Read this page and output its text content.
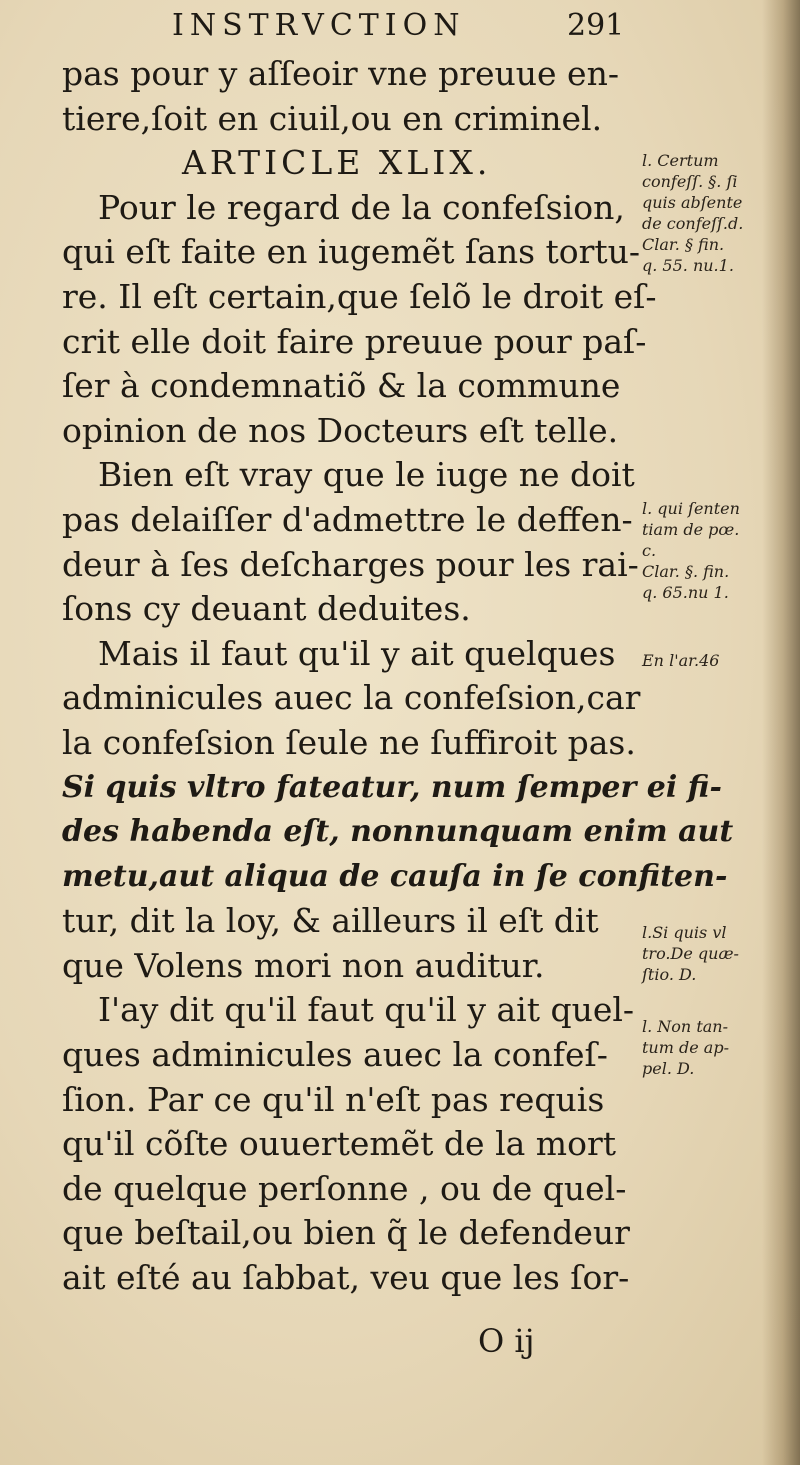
INSTRVCTION	291
pas pour y aſſeoir vne preuue en-
tiere,ſoit en ciuil,ou en criminel.
ARTICLE XLIX.
Pour le regard de la confeſsion,
qui eſt faite en iugemẽt ſans tortu-
re. Il eſt certain,que ſelõ le droit eſ-
crit elle doit faire preuue pour paſ-
ſer à condemnatiõ & la commune
opinion de nos Docteurs eſt telle.
Bien eſt vray que le iuge ne doit
pas delaiſſer d'admettre le deffen-
deur à ſes deſcharges pour les rai-
ſons cy deuant deduites.
Mais il faut qu'il y ait quelques
adminicules auec la confeſsion,car
la confeſsion ſeule ne ſuffiroit pas.
Si quis vltro fateatur, num ſemper ei fi-
des habenda eſt, nonnunquam enim aut
metu,aut aliqua de cauſa in ſe confiten-
tur, dit la loy, & ailleurs il eſt dit
que Volens mori non auditur.
I'ay dit qu'il faut qu'il y ait quel-
ques adminicules auec la confeſ-
ſion. Par ce qu'il n'eſt pas requis
qu'il cõſte ouuertemẽt de la mort
de quelque perſonne , ou de quel-
que beſtail,ou bien q̃ le defendeur
ait eſté au ſabbat, veu que les ſor-
l. Certum
confeſſ. §. ſi
quis abſente
de confeſſ.d.
Clar. § fin.
q. 55. nu.1.
l. qui ſenten
tiam de pœ.
c.
Clar. §. fin.
q. 65.nu 1.
En l'ar.46
l.Si quis vl
tro.De quæ-
ſtio. D.
l. Non tan-
tum de ap-
pel. D.
O ij
